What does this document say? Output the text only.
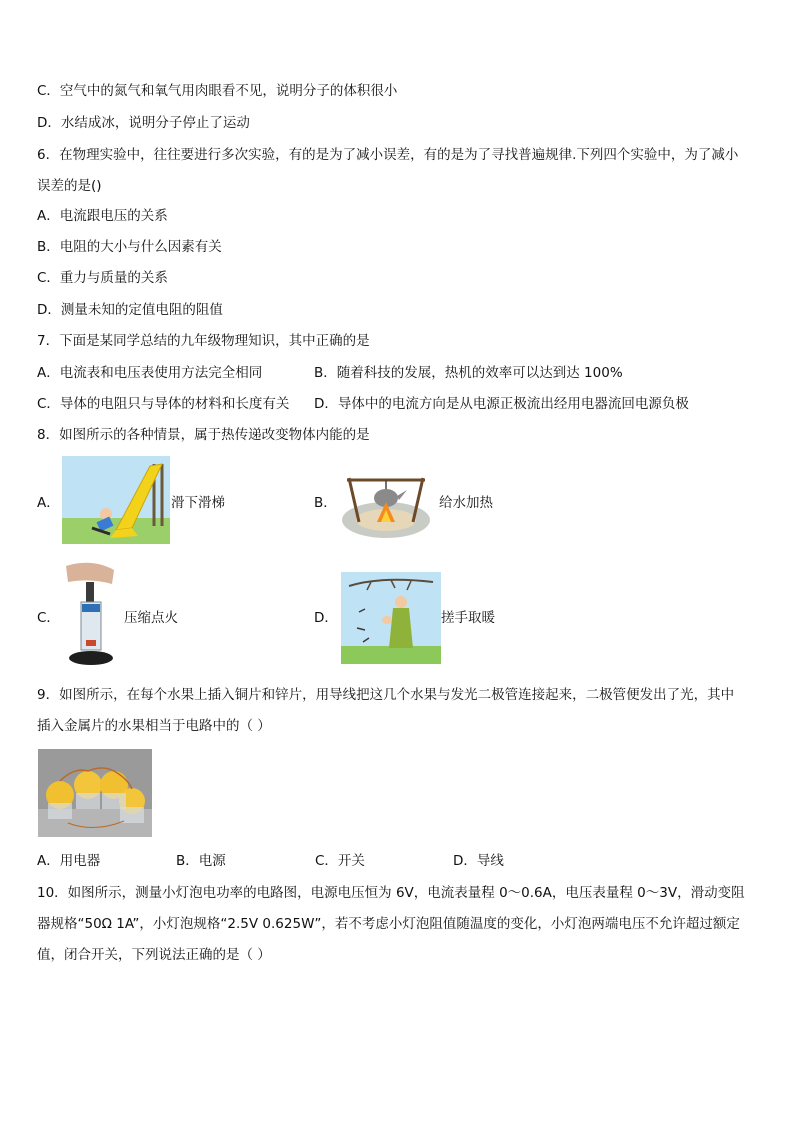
C．空气中的氮气和氧气用肉眼看不见，说明分子的体积很小
D．水结成冰，说明分子停止了运动
6．在物理实验中，往往要进行多次实验，有的是为了减小误差，有的是为了寻找普遍规律.下列四个实验中，为了减小
误差的是()
A．电流跟电压的关系
B．电阻的大小与什么因素有关
C．重力与质量的关系
D．测量未知的定值电阻的阻值
7．下面是某同学总结的九年级物理知识，其中正确的是
A．电流表和电压表使用方法完全相同	B．随着科技的发展，热机的效率可以达到达 100%
C．导体的电阻只与导体的材料和长度有关 D．导体中的电流方向是从电源正极流出经用电器流回电源负极
8．如图所示的各种情景，属于热传递改变物体内能的是
A．	滑下滑梯	B．	给水加热
C．	压缩点火	D．	搓手取暖
9．如图所示，在每个水果上插入铜片和锌片，用导线把这几个水果与发光二极管连接起来，二极管便发出了光，其中
插入金属片的水果相当于电路中的（ ）
A．用电器	B．电源	C．开关	D．导线
10．如图所示，测量小灯泡电功率的电路图，电源电压恒为 6V，电流表量程 0～0.6A，电压表量程 0～3V，滑动变阻
器规格“50Ω 1A”，小灯泡规格“2.5V 0.625W”，若不考虑小灯泡阻值随温度的变化，小灯泡两端电压不允许超过额定
值，闭合开关，下列说法正确的是（ ）
